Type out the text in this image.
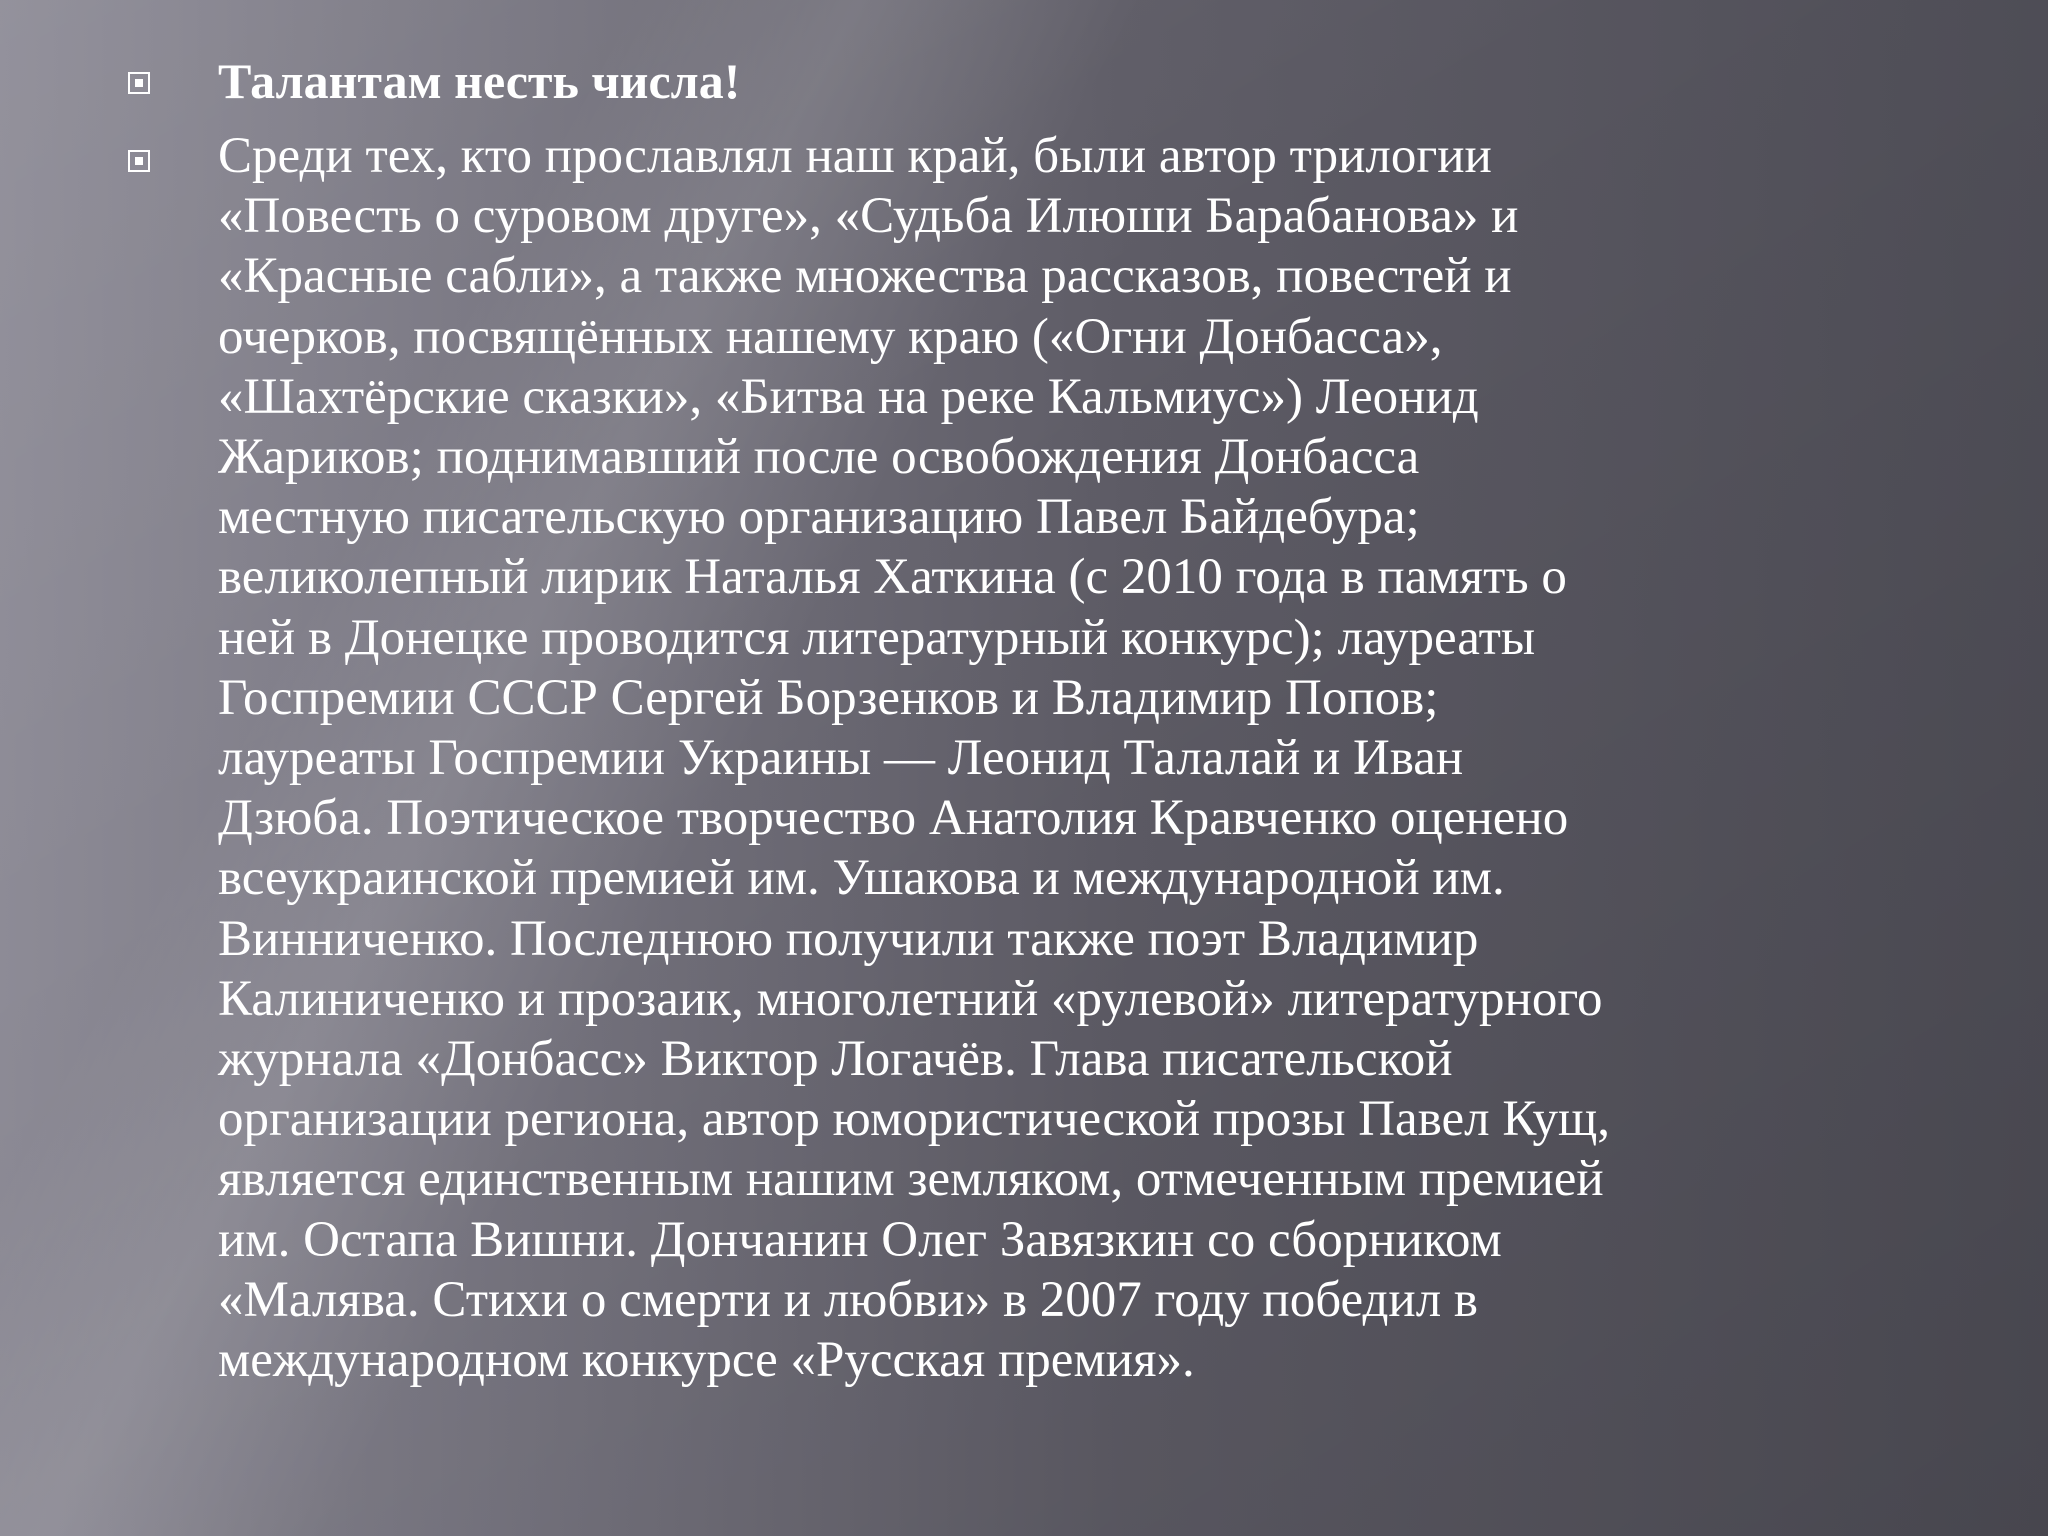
Талантам несть числа!
Среди тех, кто прославлял наш край, были автор трилогии
«Повесть о суровом друге», «Судьба Илюши Барабанова» и
«Красные сабли», а также множества рассказов, повестей и
очерков, посвящённых нашему краю («Огни Донбасса»,
«Шахтёрские сказки», «Битва на реке Кальмиус») Леонид
Жариков; поднимавший после освобождения Донбасса
местную писательскую организацию Павел Байдебура;
великолепный лирик Наталья Хаткина (с 2010 года в память о
ней в Донецке проводится литературный конкурс); лауреаты
Госпремии СССР Сергей Борзенков и Владимир Попов;
лауреаты Госпремии Украины — Леонид Талалай и Иван
Дзюба. Поэтическое творчество Анатолия Кравченко оценено
всеукраинской премией им. Ушакова и международной им.
Винниченко. Последнюю получили также поэт Владимир
Калиниченко и прозаик, многолетний «рулевой» литературного
журнала «Донбасс» Виктор Логачёв. Глава писательской
организации региона, автор юмористической прозы Павел Кущ,
является единственным нашим земляком, отмеченным премией
им. Остапа Вишни. Дончанин Олег Завязкин со сборником
«Малява. Стихи о смерти и любви» в 2007 году победил в
международном конкурсе «Русская премия».
